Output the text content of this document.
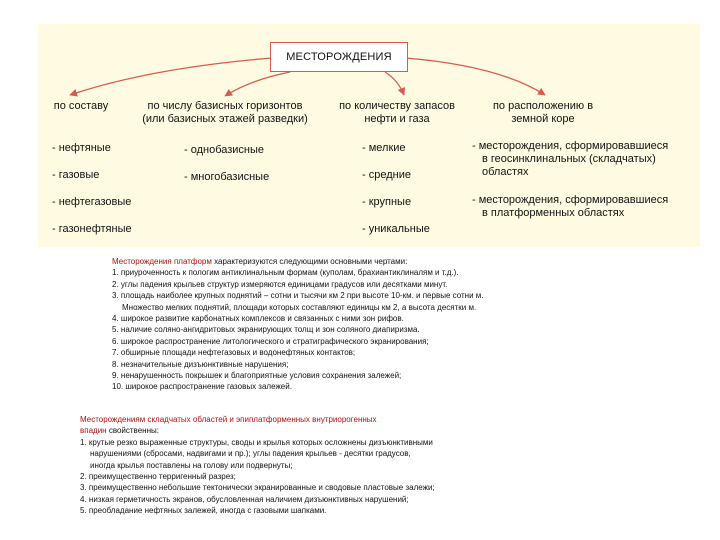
МЕСТОРОЖДЕНИЯ
по составу	по числу базисных горизонтов
(или базисных этажей разведки)
по количеству запасов
нефти и газа
по расположению в
земной коре
- нефтяные
- газовые
- нефтегазовые
- газонефтяные
- однобазисные
- многобазисные
- мелкие
- средние
- крупные
- уникальные
- месторождения, сформировавшиеся
в геосинклинальных (складчатых)
областях
- месторождения, сформировавшиеся
в платформенных областях
Месторождения платформ характеризуются следующими основными чертами:
1. приуроченность к пологим антиклинальным формам (куполам, брахиантиклиналям и т.д.).
2. углы падения крыльев структур измеряются единицами градусов или десятками минут.
3. площадь наиболее крупных поднятий – сотни и тысячи км 2 при высоте 10-км. и первые сотни м.
Множество мелких поднятий, площади которых составляют единицы км 2, а высота десятки м.
4. широкое развитие карбонатных комплексов и связанных с ними зон рифов.
5. наличие соляно-ангидритовых экранирующих толщ и зон соляного диапиризма.
6. широкое распространение литологического и стратиграфического экранирования;
7. обширные площади нефтегазовых и водонефтяных контактов;
8. незначительные дизъюнктивные нарушения;
9. ненарушенность покрышек и благоприятные условия сохранения залежей;
10. широкое распространение газовых залежей.
Месторождениям складчатых областей и эпиплатформенных внутриорогенных
впадин свойственны:
1. крутые резко выраженные структуры, своды и крылья которых осложнены дизъюнктивными
нарушениями (сбросами, надвигами и пр.); углы падения крыльев - десятки градусов,
иногда крылья поставлены на голову или подвернуты;
2. преимущественно терригенный разрез;
3. преимущественно небольшие тектонически экранированные и сводовые пластовые залежи;
4. низкая герметичность экранов, обусловленная наличием дизъюнктивных нарушений;
5. преобладание нефтяных залежей, иногда с газовыми шапками.
